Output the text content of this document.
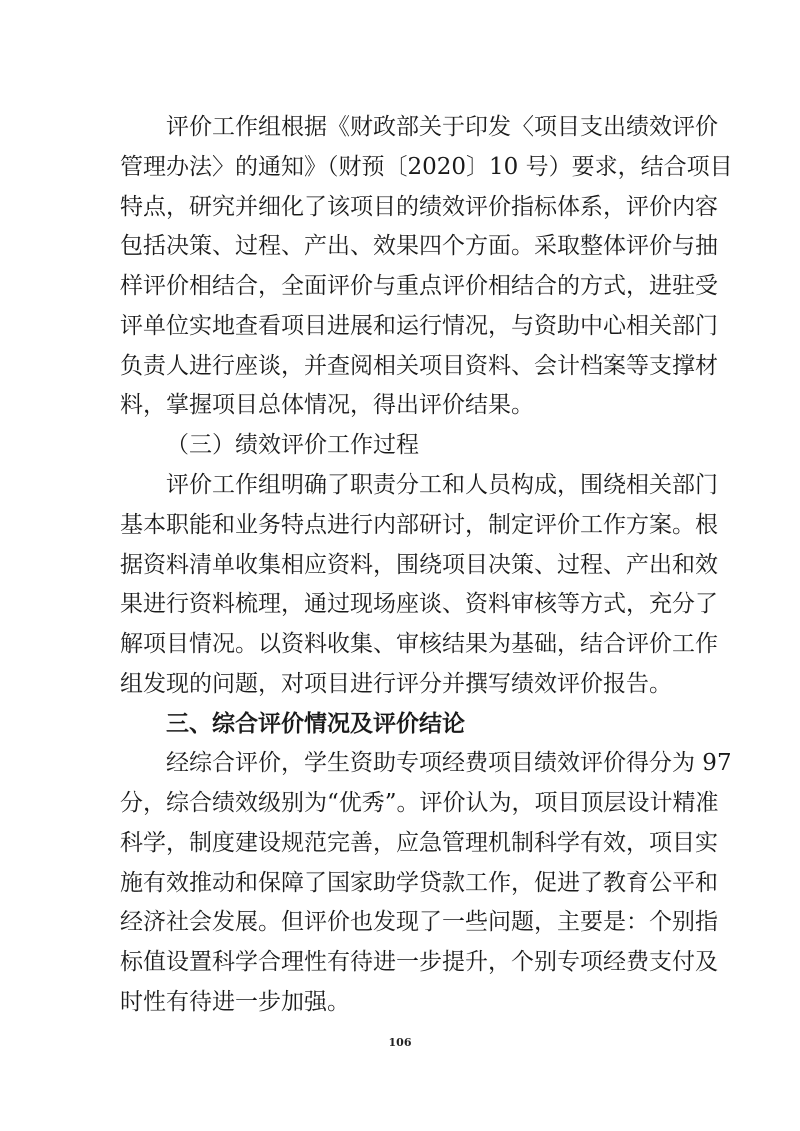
评价工作组根据《财政部关于印发〈项目支出绩效评价
管理办法〉的通知》（财预〔2020〕10 号）要求，结合项目
特点，研究并细化了该项目的绩效评价指标体系，评价内容
包括决策、过程、产出、效果四个方面。采取整体评价与抽
样评价相结合，全面评价与重点评价相结合的方式，进驻受
评单位实地查看项目进展和运行情况，与资助中心相关部门
负责人进行座谈，并查阅相关项目资料、会计档案等支撑材
料，掌握项目总体情况，得出评价结果。
（三）绩效评价工作过程
评价工作组明确了职责分工和人员构成，围绕相关部门
基本职能和业务特点进行内部研讨，制定评价工作方案。根
据资料清单收集相应资料，围绕项目决策、过程、产出和效
果进行资料梳理，通过现场座谈、资料审核等方式，充分了
解项目情况。以资料收集、审核结果为基础，结合评价工作
组发现的问题，对项目进行评分并撰写绩效评价报告。
三、综合评价情况及评价结论
经综合评价，学生资助专项经费项目绩效评价得分为 97
分，综合绩效级别为“优秀”。评价认为，项目顶层设计精准
科学，制度建设规范完善，应急管理机制科学有效，项目实
施有效推动和保障了国家助学贷款工作，促进了教育公平和
经济社会发展。但评价也发现了一些问题，主要是：个别指
106
标值设置科学合理性有待进一步提升，个别专项经费支付及
时性有待进一步加强。
